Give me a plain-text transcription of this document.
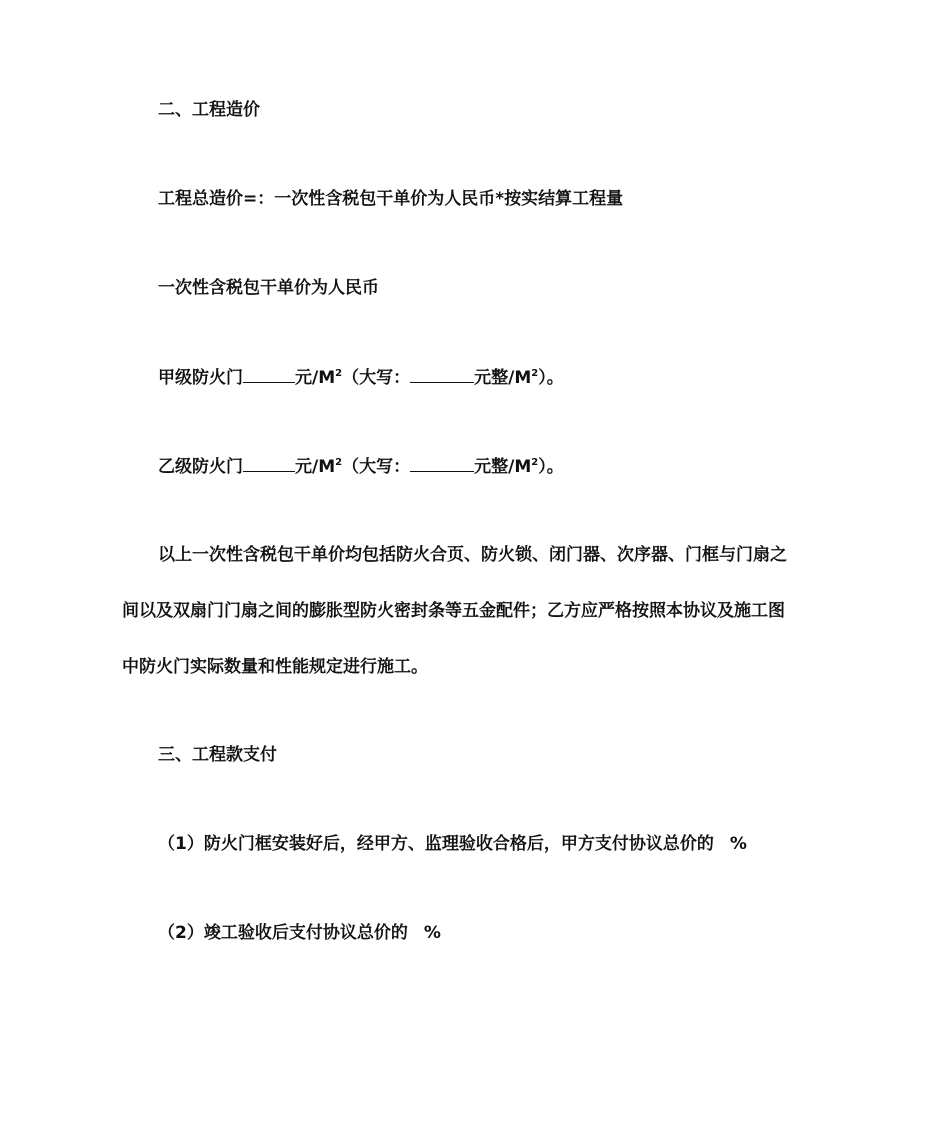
二、工程造价
工程总造价=：一次性含税包干单价为人民币*按实结算工程量
一次性含税包干单价为人民币
甲级防火门	元$/M^2$（大写：	元整$/M^2$）。
乙级防火门	元$/M^2$（大写：	元整$/M^2$）。
以上一次性含税包干单价均包括防火合页、防火锁、闭门器、次序器、门框与门扇之
间以及双扇门门扇之间的膨胀型防火密封条等五金配件；乙方应严格按照本协议及施工图
中防火门实际数量和性能规定进行施工。
三、工程款支付
（1）防火门框安装好后，经甲方、监理验收合格后，甲方支付协议总价的 %
（2）竣工验收后支付协议总价的 %
